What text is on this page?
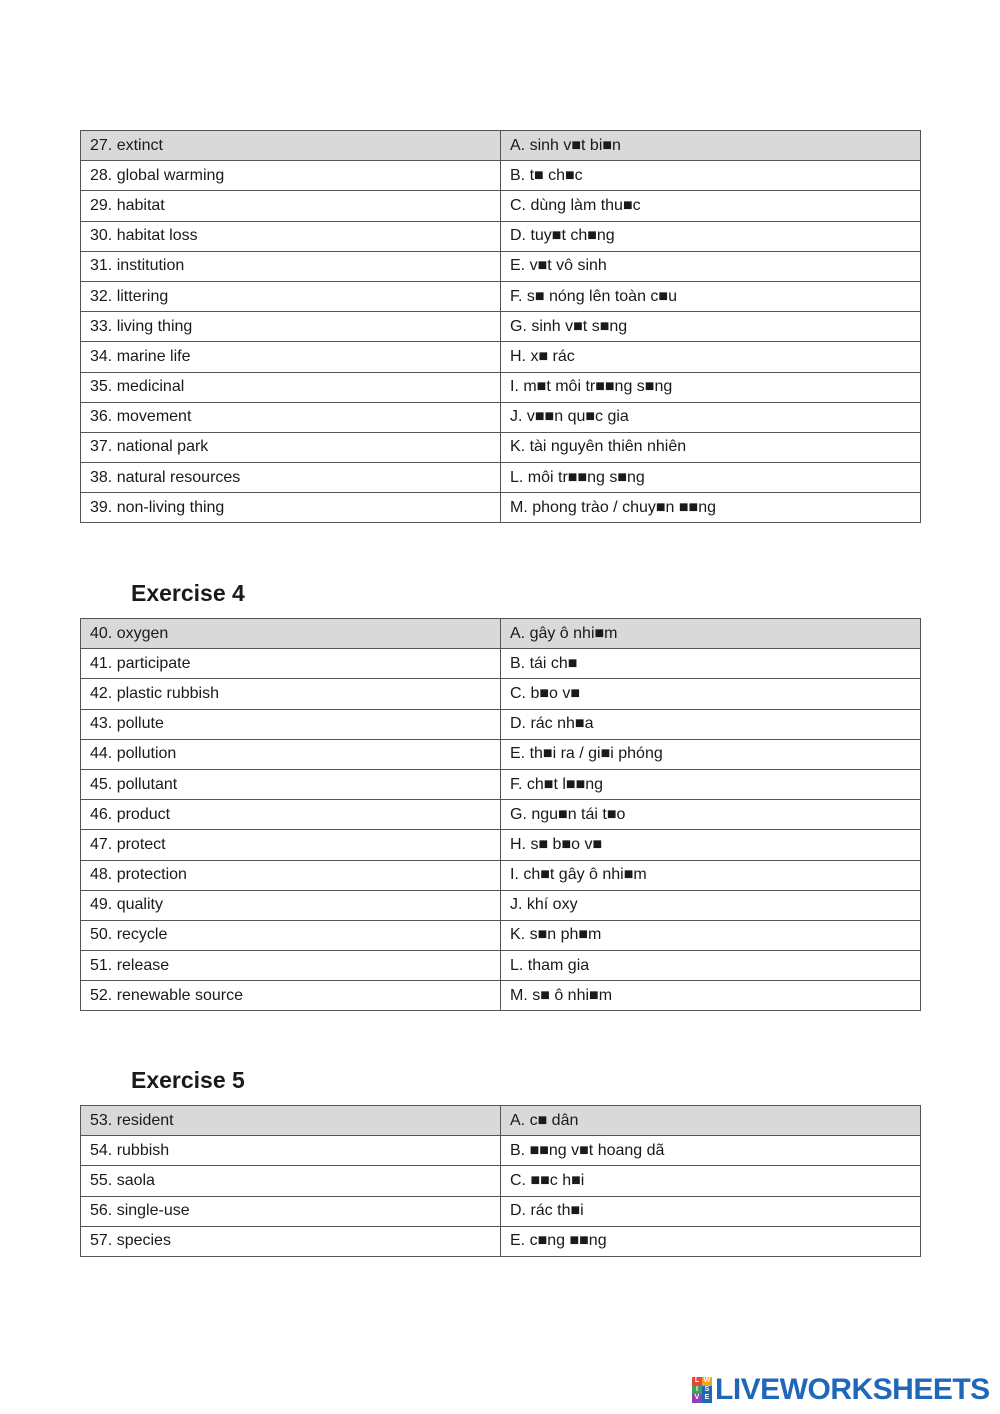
27. extinct	A. sinh v■t bi■n
28. global warming	B. t■ ch■c
29. habitat	C. dùng làm thu■c
30. habitat loss	D. tuy■t ch■ng
31. institution	E. v■t vô sinh
32. littering	F. s■ nóng lên toàn c■u
33. living thing	G. sinh v■t s■ng
34. marine life	H. x■ rác
35. medicinal	I. m■t môi tr■■ng s■ng
36. movement	J. v■■n qu■c gia
37. national park	K. tài nguyên thiên nhiên
38. natural resources	L. môi tr■■ng s■ng
39. non-living thing	M. phong trào / chuy■n ■■ng
Exercise 4
40. oxygen	A. gây ô nhi■m
41. participate	B. tái ch■
42. plastic rubbish	C. b■o v■
43. pollute	D. rác nh■a
44. pollution	E. th■i ra / gi■i phóng
45. pollutant	F. ch■t l■■ng
46. product	G. ngu■n tái t■o
47. protect	H. s■ b■o v■
48. protection	I. ch■t gây ô nhi■m
49. quality	J. khí oxy
50. recycle	K. s■n ph■m
51. release	L. tham gia
52. renewable source	M. s■ ô nhi■m
Exercise 5
53. resident	A. c■ dân
54. rubbish	B. ■■ng v■t hoang dã
55. saola	C. ■■c h■i
56. single-use	D. rác th■i
57. species	E. c■ng ■■ng
L W
I S
V E LIVEWORKSHEETS
